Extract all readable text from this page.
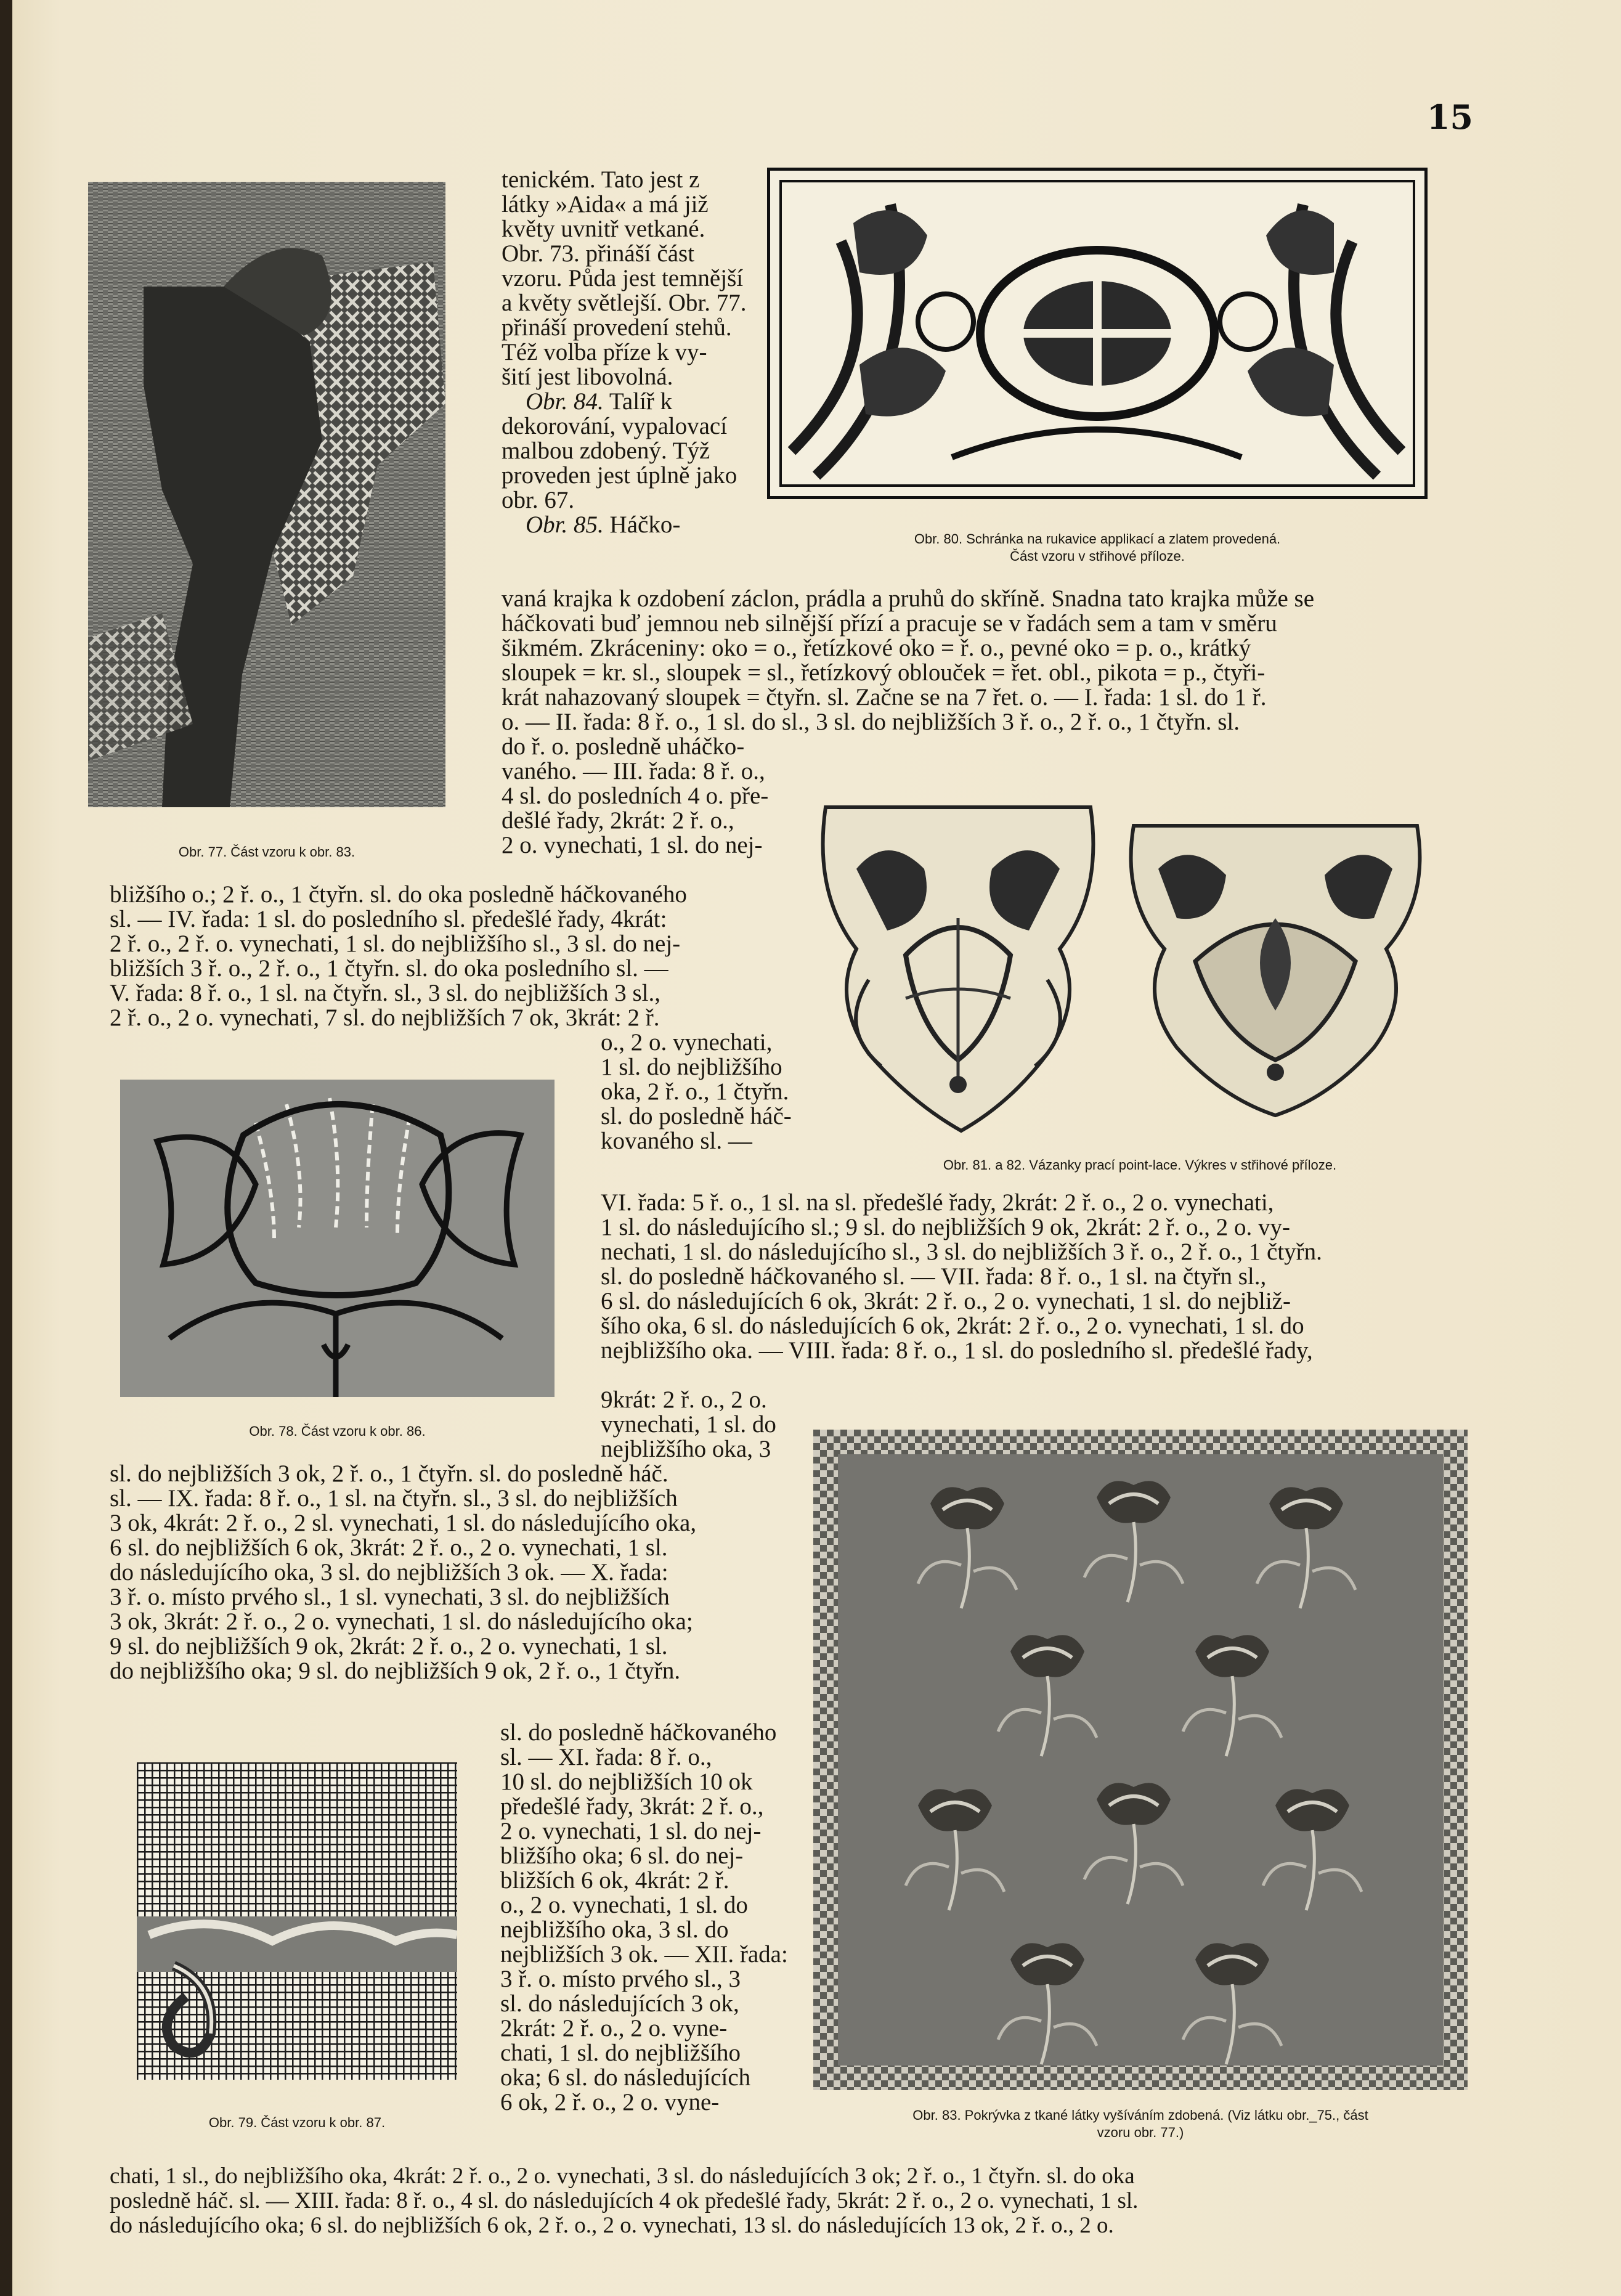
15

Obr. 77. Část vzoru k obr. 83.

Obr. 80. Schránka na rukavice applikací a zlatem provedená.

Část vzoru v střihové příloze.

tenickém. Tato jest z
látky »Aida« a má již
květy uvnitř vetkané.
Obr. 73. přináší část
vzoru. Půda jest temnější
a květy světlejší. Obr. 77.
přináší provedení stehů.
Též volba příze k vy-
šití jest libovolná.
Obr. 84. Talíř k
dekorování, vypalovací
malbou zdobený. Týž
proveden jest úplně jako
obr. 67.
Obr. 85. Háčko-

vaná krajka k ozdobení záclon, prádla a pruhů do skříně. Snadna tato krajka může se
háčkovati buď jemnou neb silnější přízí a pracuje se v řadách sem a tam v směru
šikmém. Zkráceniny: oko = o., řetízkové oko = ř. o., pevné oko = p. o., krátký
sloupek = kr. sl., sloupek = sl., řetízkový oblouček = řet. obl., pikota = p., čtyři-
krát nahazovaný sloupek = čtyřn. sl. Začne se na 7 řet. o. — I. řada: 1 sl. do 1 ř.
o. — II. řada: 8 ř. o., 1 sl. do sl., 3 sl. do nejbližších 3 ř. o., 2 ř. o., 1 čtyřn. sl.

do ř. o. posledně uháčko-
vaného. — III. řada: 8 ř. o.,
4 sl. do posledních 4 o. pře-
dešlé řady, 2krát: 2 ř. o.,
2 o. vynechati, 1 sl. do nej-

Obr. 81. a 82. Vázanky prací point-lace. Výkres v střihové příloze.

bližšího o.; 2 ř. o., 1 čtyřn. sl. do oka posledně háčkovaného
sl. — IV. řada: 1 sl. do posledního sl. předešlé řady, 4krát:
2 ř. o., 2 ř. o. vynechati, 1 sl. do nejbližšího sl., 3 sl. do nej-
bližších 3 ř. o., 2 ř. o., 1 čtyřn. sl. do oka posledního sl. —
V. řada: 8 ř. o., 1 sl. na čtyřn. sl., 3 sl. do nejbližších 3 sl.,
2 ř. o., 2 o. vynechati, 7 sl. do nejbližších 7 ok, 3krát: 2 ř.

Obr. 78. Část vzoru k obr. 86.

o., 2 o. vynechati,
1 sl. do nejbližšího
oka, 2 ř. o., 1 čtyřn.
sl. do posledně háč-
kovaného sl. —

VI. řada: 5 ř. o., 1 sl. na sl. předešlé řady, 2krát: 2 ř. o., 2 o. vynechati,
1 sl. do následujícího sl.; 9 sl. do nejbližších 9 ok, 2krát: 2 ř. o., 2 o. vy-
nechati, 1 sl. do následujícího sl., 3 sl. do nejbližších 3 ř. o., 2 ř. o., 1 čtyřn.
sl. do posledně háčkovaného sl. — VII. řada: 8 ř. o., 1 sl. na čtyřn sl.,
6 sl. do následujících 6 ok, 3krát: 2 ř. o., 2 o. vynechati, 1 sl. do nejbliž-
šího oka, 6 sl. do následujících 6 ok, 2krát: 2 ř. o., 2 o. vynechati, 1 sl. do
nejbližšího oka. — VIII. řada: 8 ř. o., 1 sl. do posledního sl. předešlé řady,

9krát: 2 ř. o., 2 o.
vynechati, 1 sl. do
nejbližšího oka, 3

sl. do nejbližších 3 ok, 2 ř. o., 1 čtyřn. sl. do posledně háč.
sl. — IX. řada: 8 ř. o., 1 sl. na čtyřn. sl., 3 sl. do nejbližších
3 ok, 4krát: 2 ř. o., 2 sl. vynechati, 1 sl. do následujícího oka,
6 sl. do nejbližších 6 ok, 3krát: 2 ř. o., 2 o. vynechati, 1 sl.
do následujícího oka, 3 sl. do nejbližších 3 ok. — X. řada:
3 ř. o. místo prvého sl., 1 sl. vynechati, 3 sl. do nejbližších
3 ok, 3krát: 2 ř. o., 2 o. vynechati, 1 sl. do následujícího oka;
9 sl. do nejbližších 9 ok, 2krát: 2 ř. o., 2 o. vynechati, 1 sl.
do nejbližšího oka; 9 sl. do nejbližších 9 ok, 2 ř. o., 1 čtyřn.

Obr. 83. Pokrývka z tkané látky vyšíváním zdobená. (Viz látku obr._75., část

vzoru obr. 77.)

Obr. 79. Část vzoru k obr. 87.

sl. do posledně háčkovaného
sl. — XI. řada: 8 ř. o.,
10 sl. do nejbližších 10 ok
předešlé řady, 3krát: 2 ř. o.,
2 o. vynechati, 1 sl. do nej-
bližšího oka; 6 sl. do nej-
bližších 6 ok, 4krát: 2 ř.
o., 2 o. vynechati, 1 sl. do
nejbližšího oka, 3 sl. do
nejbližších 3 ok. — XII. řada:
3 ř. o. místo prvého sl., 3
sl. do následujících 3 ok,
2krát: 2 ř. o., 2 o. vyne-
chati, 1 sl. do nejbližšího
oka; 6 sl. do následujících
6 ok, 2 ř. o., 2 o. vyne-

chati, 1 sl., do nejbližšího oka, 4krát: 2 ř. o., 2 o. vynechati, 3 sl. do následujících 3 ok; 2 ř. o., 1 čtyřn. sl. do oka
posledně háč. sl. — XIII. řada: 8 ř. o., 4 sl. do následujících 4 ok předešlé řady, 5krát: 2 ř. o., 2 o. vynechati, 1 sl.
do následujícího oka; 6 sl. do nejbližších 6 ok, 2 ř. o., 2 o. vynechati, 13 sl. do následujících 13 ok, 2 ř. o., 2 o.
